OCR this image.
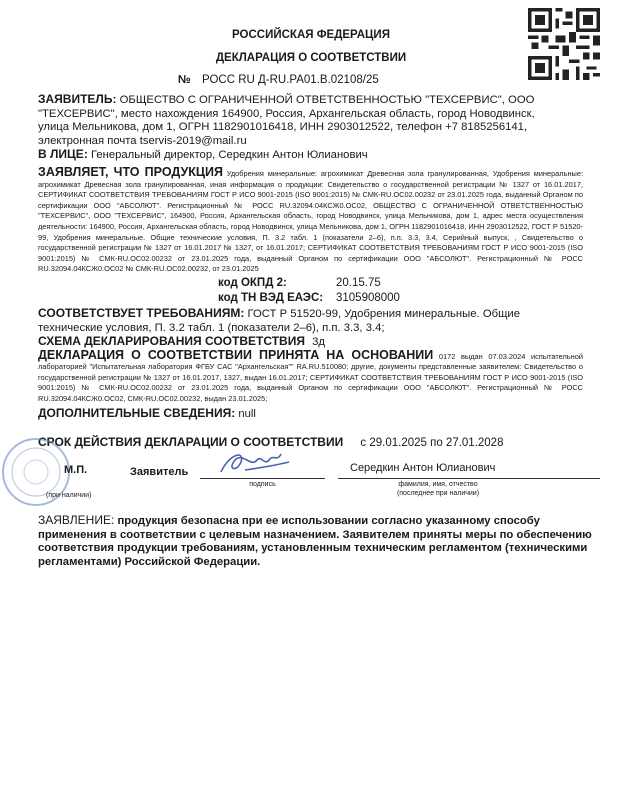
РОССИЙСКАЯ ФЕДЕРАЦИЯ
ДЕКЛАРАЦИЯ О СООТВЕТСТВИИ
№ РОСС RU Д-RU.PA01.B.02108/25
ЗАЯВИТЕЛЬ: ОБЩЕСТВО С ОГРАНИЧЕННОЙ ОТВЕТСТВЕННОСТЬЮ "ТЕХСЕРВИС", ООО "ТЕХСЕРВИС", место нахождения 164900, Россия, Архангельская область, город Новодвинск, улица Мельникова, дом 1, ОГРН 1182901016418, ИНН 2903012522, телефон +7 8185256141, электронная почта tservis-2019@mail.ru
В ЛИЦЕ: Генеральный директор, Середкин Антон Юлианович
ЗАЯВЛЯЕТ, ЧТО ПРОДУКЦИЯ Удобрения минеральные: агрохимикат Древесная зола гранулированная, Удобрения минеральные: агрохимикат Древесная зола гранулированная, иная информация о продукции: Свидетельство о государственной регистрации № 1327 от 16.01.2017, СЕРТИФИКАТ СООТВЕТСТВИЯ ТРЕБОВАНИЯМ ГОСТ Р ИСО 9001-2015 (ISO 9001:2015) № СМК-RU.OC02.00232 от 23.01.2025 года, выданный Органом по сертификации ООО "АБСОЛЮТ". Регистрационный № РОСС RU.32094.04КСЖ0.ОС02, ОБЩЕСТВО С ОГРАНИЧЕННОЙ ОТВЕТСТВЕННОСТЬЮ "ТЕХСЕРВИС", ООО "ТЕХСЕРВИС", 164900, Россия, Архангельская область, город Новодвинск, улица Мельникова, дом 1, адрес места осуществления деятельности: 164900, Россия, Архангельская область, город Новодвинск, улица Мельникова, дом 1, ОГРН 1182901016418, ИНН 2903012522, ГОСТ Р 51520-99, Удобрения минеральные. Общие технические условия, П. 3.2 табл. 1 (показатели 2–6), п.п. 3.3, 3.4, Серийный выпуск, , Свидетельство о государственной регистрации № 1327 от 16.01.2017 № 1327, от 16.01.2017; СЕРТИФИКАТ СООТВЕТСТВИЯ ТРЕБОВАНИЯМ ГОСТ Р ИСО 9001-2015 (ISO 9001:2015) № СМК-RU.OC02.00232 от 23.01.2025 года, выданный Органом по сертификации ООО "АБСОЛЮТ". Регистрационный № РОСС RU.32094.04КСЖ0.ОС02 № СМК-RU.OC02.00232, от 23.01.2025
код ОКПД 2:	20.15.75
код ТН ВЭД ЕАЭС: 3105908000
СООТВЕТСТВУЕТ ТРЕБОВАНИЯМ: ГОСТ Р 51520-99, Удобрения минеральные. Общие технические условия, П. 3.2 табл. 1 (показатели 2–6), п.п. 3.3, 3.4;
СХЕМА ДЕКЛАРИРОВАНИЯ СООТВЕТСТВИЯ 3д
ДЕКЛАРАЦИЯ О СООТВЕТСТВИИ ПРИНЯТА НА ОСНОВАНИИ 0172 выдан 07.03.2024 испытательной лабораторией "Испытательная лаборатория ФГБУ САС "Архангельская"" RA.RU.510080; другие, документы представленные заявителем: Свидетельство о государственной регистрации № 1327 от 16.01.2017, 1327, выдан 16.01.2017; СЕРТИФИКАТ СООТВЕТСТВИЯ ТРЕБОВАНИЯМ ГОСТ Р ИСО 9001-2015 (ISO 9001:2015) № СМК-RU.OC02.00232 от 23.01.2025 года, выданный Органом по сертификации ООО "АБСОЛЮТ". Регистрационный № РОСС RU.32094.04КСЖ0.ОС02, СМК-RU.OC02.00232, выдан 23.01.2025;
ДОПОЛНИТЕЛЬНЫЕ СВЕДЕНИЯ: null
СРОК ДЕЙСТВИЯ ДЕКЛАРАЦИИ О СООТВЕТСТВИИ с 29.01.2025 по 27.01.2028
М.П.
(при наличии)
Заявитель
подпись
Середкин Антон Юлианович
фамилия, имя, отчество
(последнее при наличии)
ЗАЯВЛЕНИЕ: продукция безопасна при ее использовании согласно указанному способу применения в соответствии с целевым назначением. Заявителем приняты меры по обеспечению соответствия продукции требованиям, установленным техническим регламентом (техническими регламентами) Российской Федерации.
